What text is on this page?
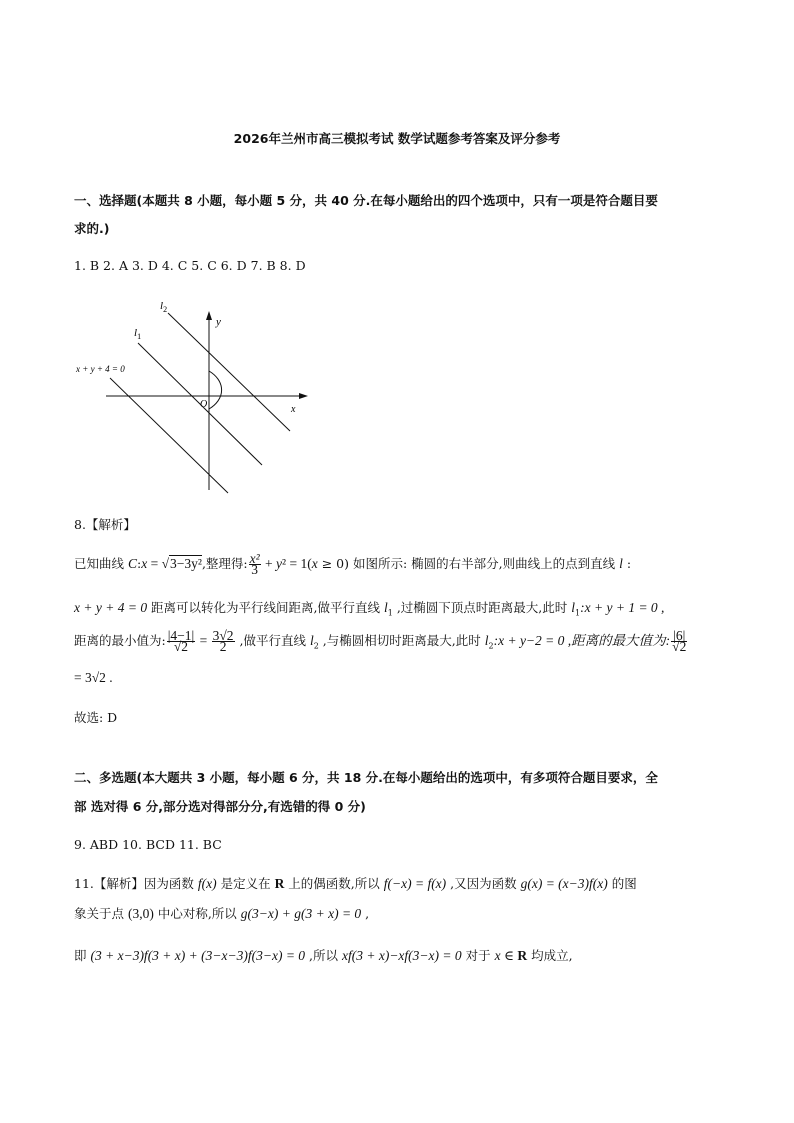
2026年兰州市高三模拟考试 数学试题参考答案及评分参考
一、选择题(本题共 8 小题，每小题 5 分，共 40 分.在每小题给出的四个选项中，只有一项是符合题目要
求的.)
1. B 2. A 3. D 4. C 5. C 6. D 7. B 8. D
$l_2$
$l_1$
x + y + 4 = 0
y
x
O
8.【解析】
已知曲线 C:x = √3−3y²,整理得: $\frac{\text{x²}}{3} + y^2 = 1(x \ge 0)$ 如图所示: 椭圆的右半部分,则曲线上的点到直线 l :
x + y + 4 = 0 距离可以转化为平行线间距离,做平行直线 $l_1$ ,过椭圆下顶点时距离最大,此时 $l_1:x + y + 1 = 0$ ,
距离的最小值为: $\frac{|4-1|}{√2} = \frac{3√2}{2}$ ,做平行直线 $l_2$ ,与椭圆相切时距离最大,此时 $l_2:x + y-2 = 0$ ,距离的最大值为: $\frac{|6|}{√2}$
= 3√2 .
故选: D
二、多选题(本大题共 3 小题，每小题 6 分，共 18 分.在每小题给出的选项中，有多项符合题目要求，全
部 选对得 6 分,部分选对得部分分,有选错的得 0 分)
9. ABD 10. BCD 11. BC
11.【解析】因为函数 f(x) 是定义在 R 上的偶函数,所以 f(−x) = f(x) ,又因为函数 g(x) = (x−3)f(x) 的图
象关于点 (3,0) 中心对称,所以 g(3−x) + g(3 + x) = 0 ,
即 (3 + x−3)f(3 + x) + (3−x−3)f(3−x) = 0 ,所以 xf(3 + x)−xf(3−x) = 0 对于 x ∈ R 均成立,
